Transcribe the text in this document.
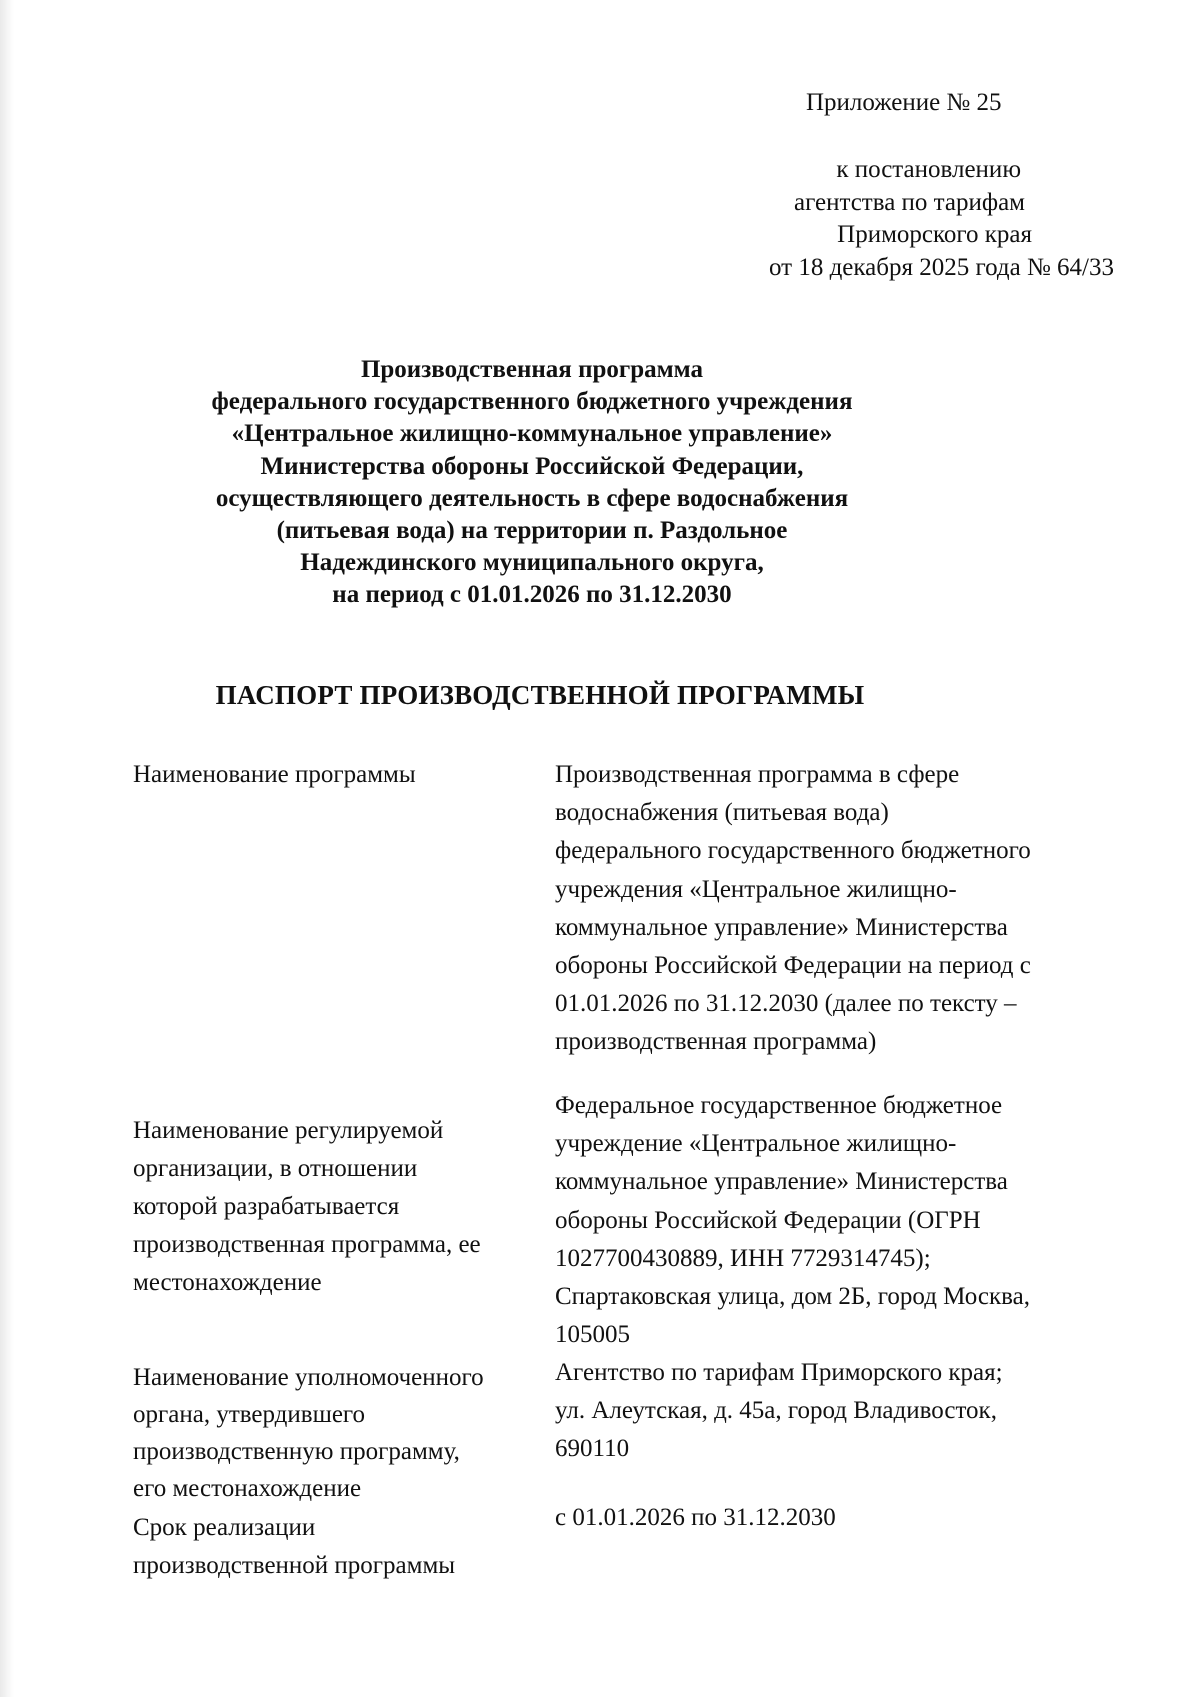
Приложение № 25
к постановлению
агентства по тарифам
Приморского края
от 18 декабря 2025 года № 64/33
Производственная программа
федерального государственного бюджетного учреждения
«Центральное жилищно-коммунальное управление»
Министерства обороны Российской Федерации,
осуществляющего деятельность в сфере водоснабжения
(питьевая вода) на территории п. Раздольное
Надеждинского муниципального округа,
на период с 01.01.2026 по 31.12.2030
ПАСПОРТ ПРОИЗВОДСТВЕННОЙ ПРОГРАММЫ
Наименование программы	Производственная программа в сфере
водоснабжения (питьевая вода)
федерального государственного бюджетного
учреждения «Центральное жилищно-
коммунальное управление» Министерства
обороны Российской Федерации на период с
01.01.2026 по 31.12.2030 (далее по тексту –
производственная программа)
Наименование регулируемой
организации, в отношении
которой разрабатывается
производственная программа, ее
местонахождение
Федеральное государственное бюджетное
учреждение «Центральное жилищно-
коммунальное управление» Министерства
обороны Российской Федерации (ОГРН
1027700430889, ИНН 7729314745);
Спартаковская улица, дом 2Б, город Москва,
105005
Наименование уполномоченного
органа, утвердившего
производственную программу,
его местонахождение
Агентство по тарифам Приморского края;
ул. Алеутская, д. 45а, город Владивосток,
690110
Срок реализации
производственной программы
с 01.01.2026 по 31.12.2030
